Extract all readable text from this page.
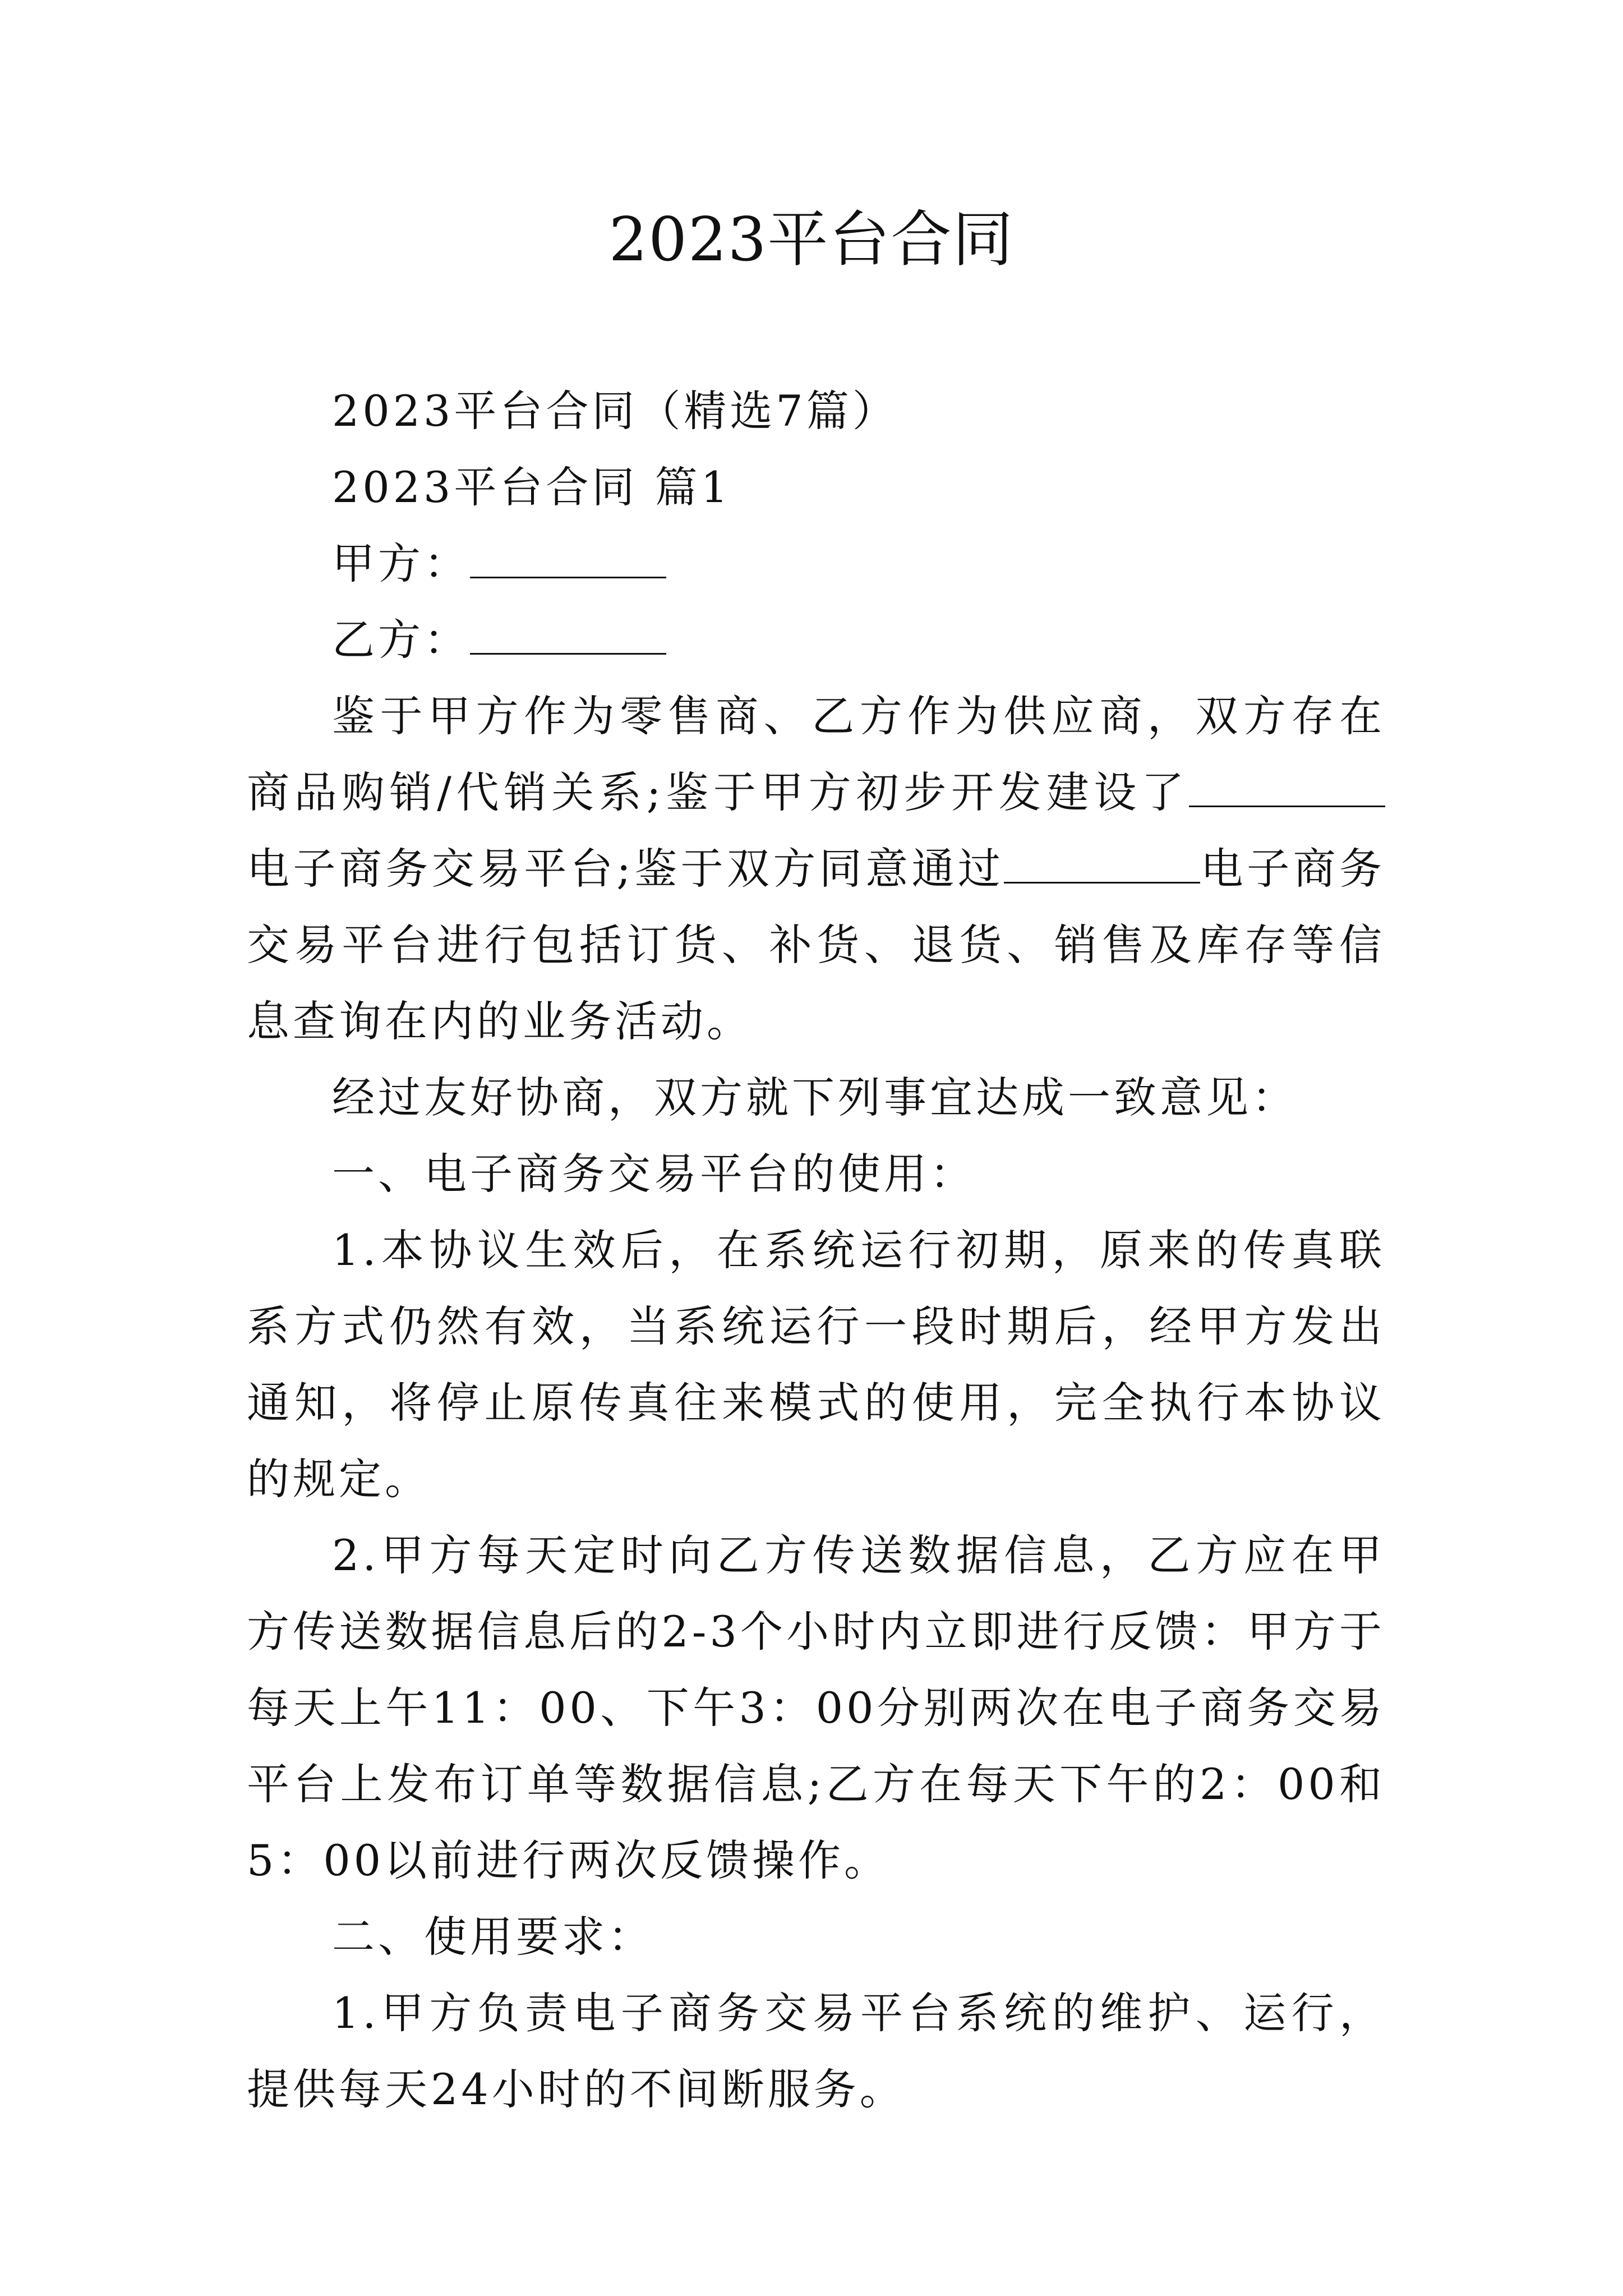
2023平台合同

2023平台合同（精选7篇）

2023平台合同 篇1

甲方：

乙方：

鉴于甲方作为零售商、乙方作为供应商，双方存在商品购销/代销关系;鉴于甲方初步开发建设了电子商务交易平台;鉴于双方同意通过	电子商务交易平台进行包括订货、补货、退货、销售及库存等信息查询在内的业务活动。

经过友好协商，双方就下列事宜达成一致意见：

一、电子商务交易平台的使用：

1.本协议生效后，在系统运行初期，原来的传真联系方式仍然有效，当系统运行一段时期后，经甲方发出通知，将停止原传真往来模式的使用，完全执行本协议的规定。

2.甲方每天定时向乙方传送数据信息，乙方应在甲方传送数据信息后的2-3个小时内立即进行反馈：甲方于每天上午11：00、下午3：00分别两次在电子商务交易平台上发布订单等数据信息;乙方在每天下午的2：00和5：00以前进行两次反馈操作。

二、使用要求：

1.甲方负责电子商务交易平台系统的维护、运行，提供每天24小时的不间断服务。
